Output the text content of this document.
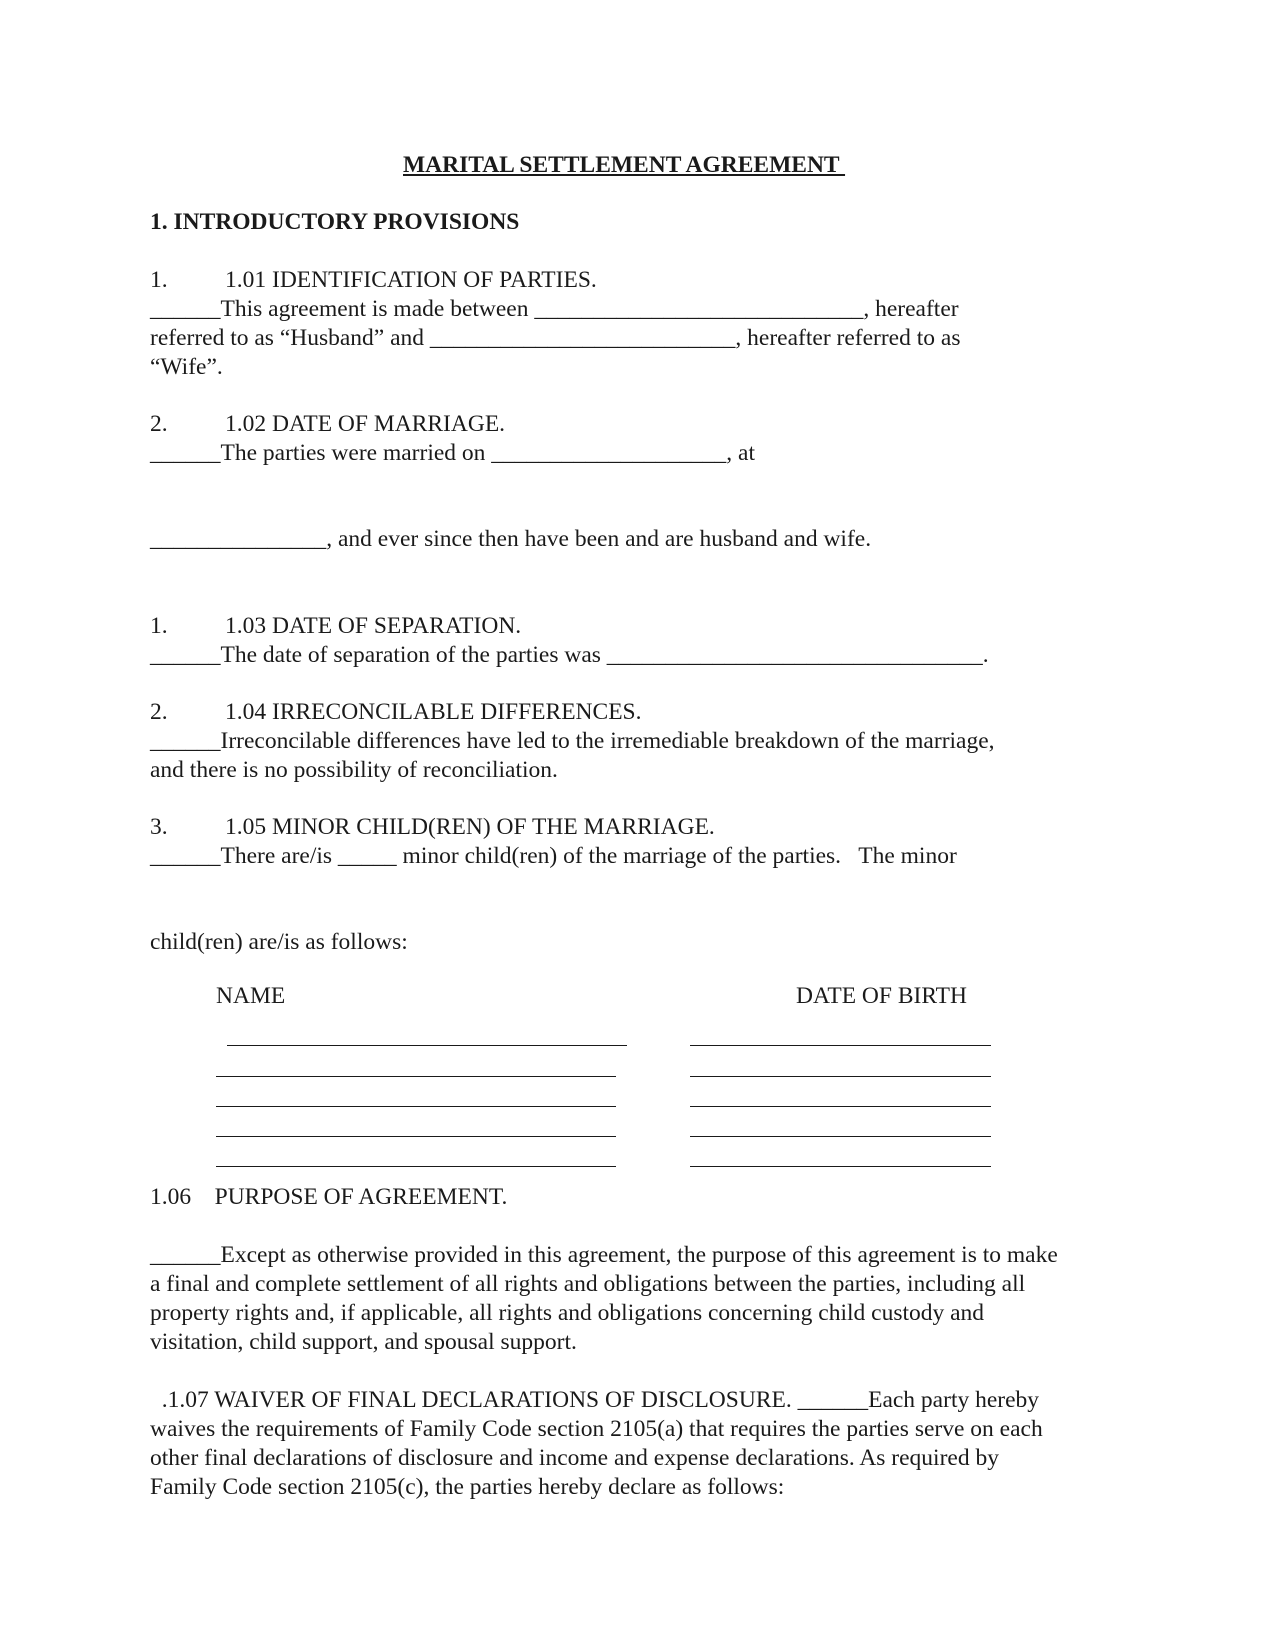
MARITAL SETTLEMENT AGREEMENT
1. INTRODUCTORY PROVISIONS
1. 1.01 IDENTIFICATION OF PARTIES.
______This agreement is made between ____________________________, hereafter
referred to as “Husband” and __________________________, hereafter referred to as
“Wife”.
2. 1.02 DATE OF MARRIAGE.
______The parties were married on ____________________, at
_______________, and ever since then have been and are husband and wife.
1. 1.03 DATE OF SEPARATION.
______The date of separation of the parties was ________________________________.
2. 1.04 IRRECONCILABLE DIFFERENCES.
______Irreconcilable differences have led to the irremediable breakdown of the marriage,
and there is no possibility of reconciliation.
3. 1.05 MINOR CHILD(REN) OF THE MARRIAGE.
______There are/is _____ minor child(ren) of the marriage of the parties.   The minor
child(ren) are/is as follows:
NAME	DATE OF BIRTH
1.06    PURPOSE OF AGREEMENT.
______Except as otherwise provided in this agreement, the purpose of this agreement is to make
a final and complete settlement of all rights and obligations between the parties, including all
property rights and, if applicable, all rights and obligations concerning child custody and
visitation, child support, and spousal support.
.1.07 WAIVER OF FINAL DECLARATIONS OF DISCLOSURE. ______Each party hereby
waives the requirements of Family Code section 2105(a) that requires the parties serve on each
other final declarations of disclosure and income and expense declarations. As required by
Family Code section 2105(c), the parties hereby declare as follows:
